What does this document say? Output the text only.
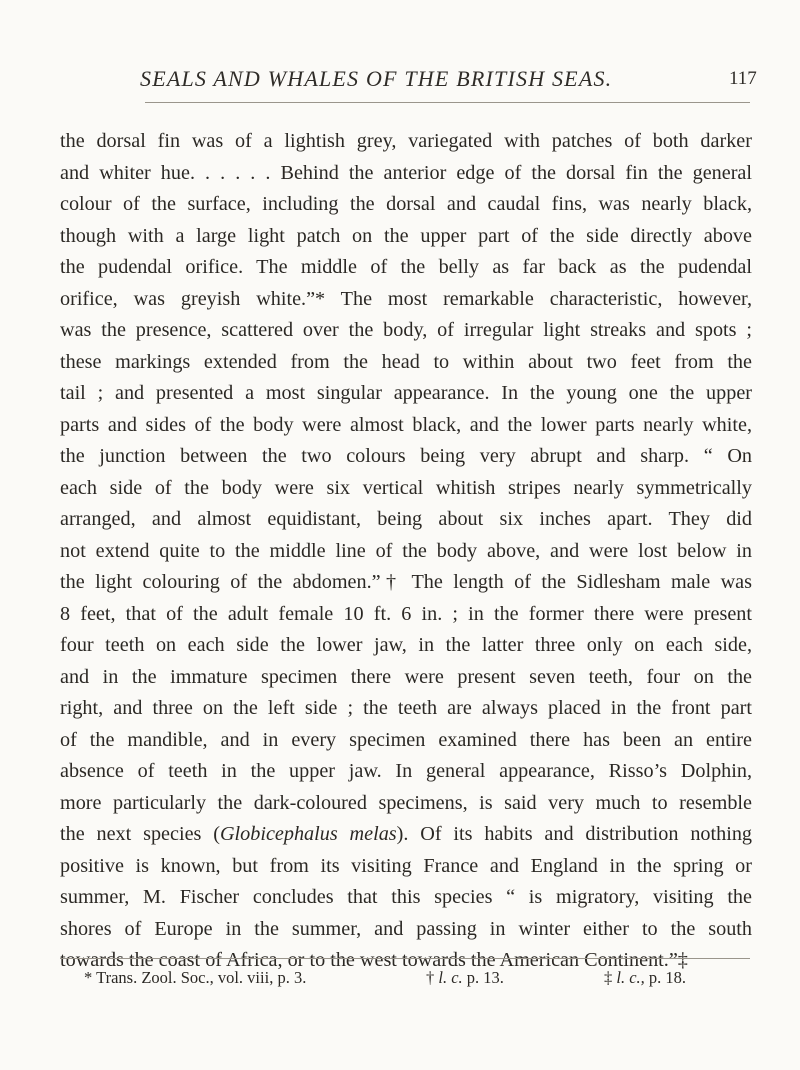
SEALS AND WHALES OF THE BRITISH SEAS.	117
the dorsal fin was of a lightish grey, variegated with patches of both darker
and whiter hue. . . . . . Behind the anterior edge of the dorsal fin the general
colour of the surface, including the dorsal and caudal fins, was nearly black,
though with a large light patch on the upper part of the side directly above
the pudendal orifice. The middle of the belly as far back as the pudendal
orifice, was greyish white.”* The most remarkable characteristic, however,
was the presence, scattered over the body, of irregular light streaks and spots ;
these markings extended from the head to within about two feet from the
tail ; and presented a most singular appearance. In the young one the upper
parts and sides of the body were almost black, and the lower parts nearly white,
the junction between the two colours being very abrupt and sharp. “ On
each side of the body were six vertical whitish stripes nearly symmetrically
arranged, and almost equidistant, being about six inches apart. They did
not extend quite to the middle line of the body above, and were lost below in
the light colouring of the abdomen.”† The length of the Sidlesham male was
8 feet, that of the adult female 10 ft. 6 in. ; in the former there were present
four teeth on each side the lower jaw, in the latter three only on each side,
and in the immature specimen there were present seven teeth, four on the
right, and three on the left side ; the teeth are always placed in the front part
of the mandible, and in every specimen examined there has been an entire
absence of teeth in the upper jaw. In general appearance, Risso’s Dolphin,
more particularly the dark-coloured specimens, is said very much to resemble
the next species (Globicephalus melas). Of its habits and distribution nothing
positive is known, but from its visiting France and England in the spring or
summer, M. Fischer concludes that this species “ is migratory, visiting the
shores of Europe in the summer, and passing in winter either to the south
towards the coast of Africa, or to the west towards the American Continent.”‡
* Trans. Zool. Soc., vol. viii, p. 3.	† l. c. p. 13.	‡ l. c., p. 18.
